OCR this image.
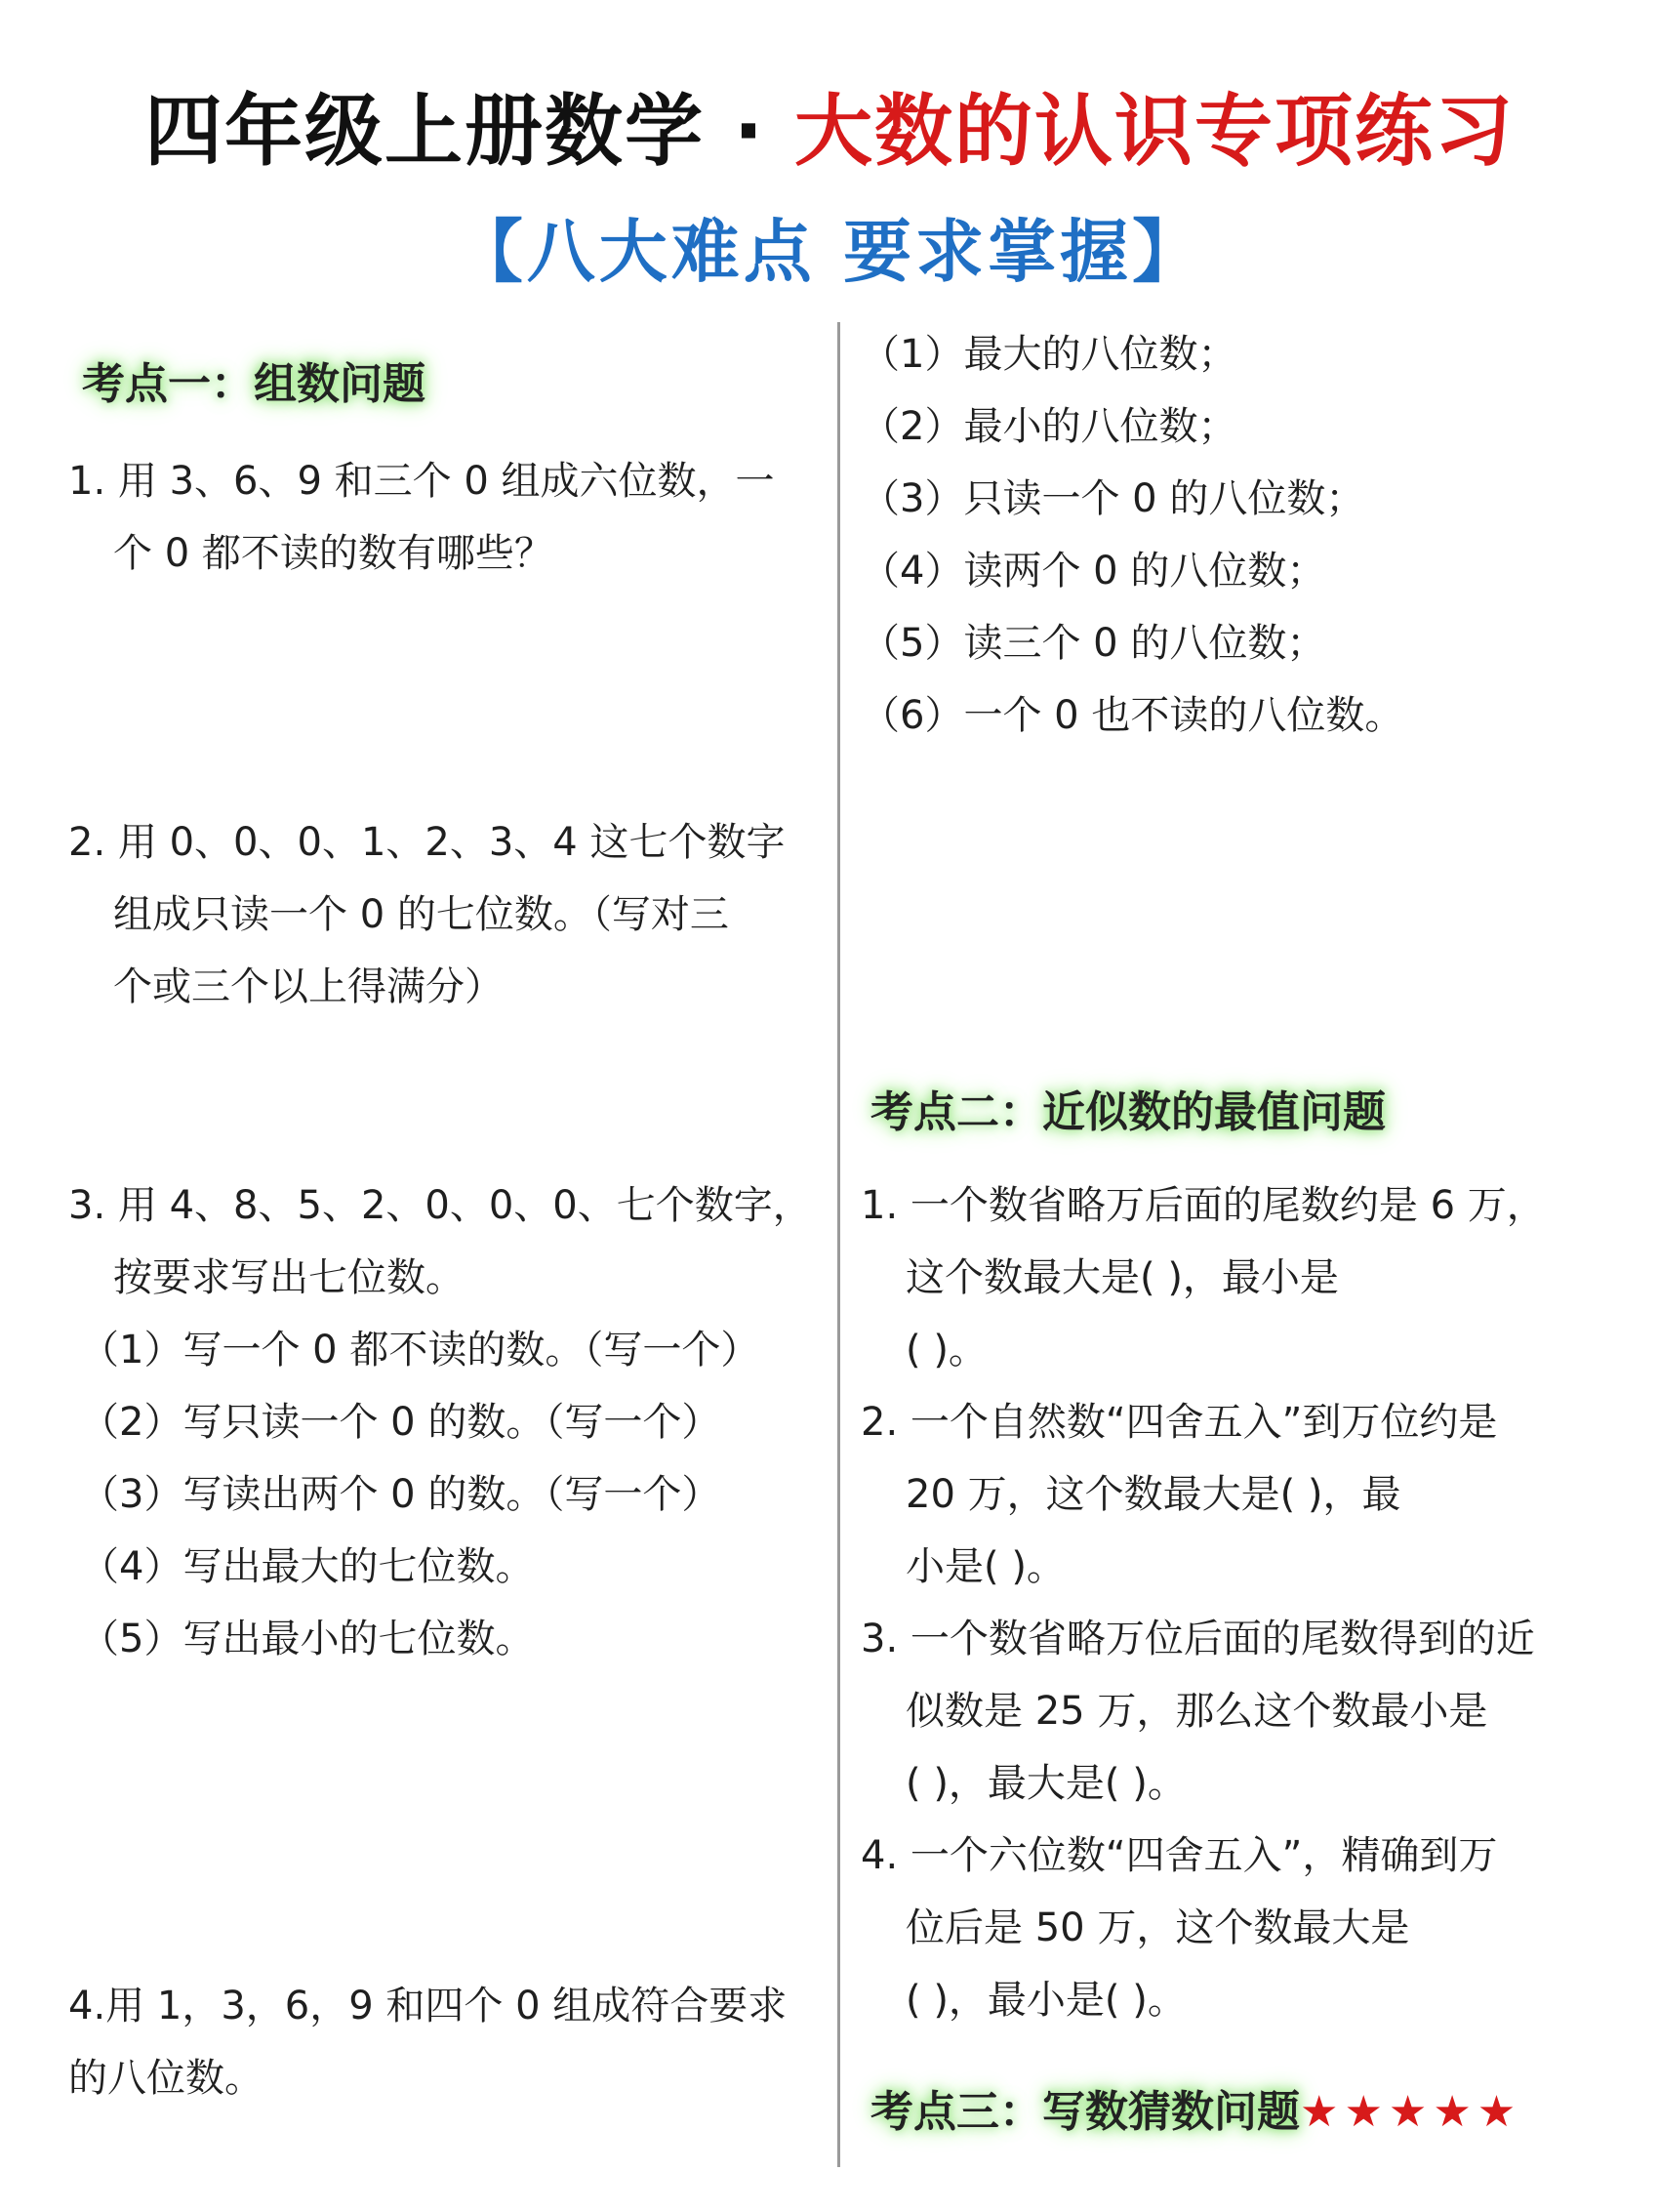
四年级上册数学 · 大数的认识专项练习
【八大难点 要求掌握】
考点一：组数问题
1. 用 3、6、9 和三个 0 组成六位数，一
个 0 都不读的数有哪些？
2. 用 0、0、0、1、2、3、4 这七个数字
组成只读一个 0 的七位数。（写对三
个或三个以上得满分）
3. 用 4、8、5、2、0、0、0、七个数字，
按要求写出七位数。
（1）写一个 0 都不读的数。（写一个）
（2）写只读一个 0 的数。（写一个）
（3）写读出两个 0 的数。（写一个）
（4）写出最大的七位数。
（5）写出最小的七位数。
4.用 1，3，6，9 和四个 0 组成符合要求
的八位数。
（1）最大的八位数；
（2）最小的八位数；
（3）只读一个 0 的八位数；
（4）读两个 0 的八位数；
（5）读三个 0 的八位数；
（6）一个 0 也不读的八位数。
考点二：近似数的最值问题
1. 一个数省略万后面的尾数约是 6 万，
这个数最大是( )，最小是
( )。
2. 一个自然数“四舍五入”到万位约是
20 万，这个数最大是( )，最
小是( )。
3. 一个数省略万位后面的尾数得到的近
似数是 25 万，那么这个数最小是
( )，最大是( )。
4. 一个六位数“四舍五入”，精确到万
位后是 50 万，这个数最大是
( )，最小是( )。
考点三：写数猜数问题★★★★★
